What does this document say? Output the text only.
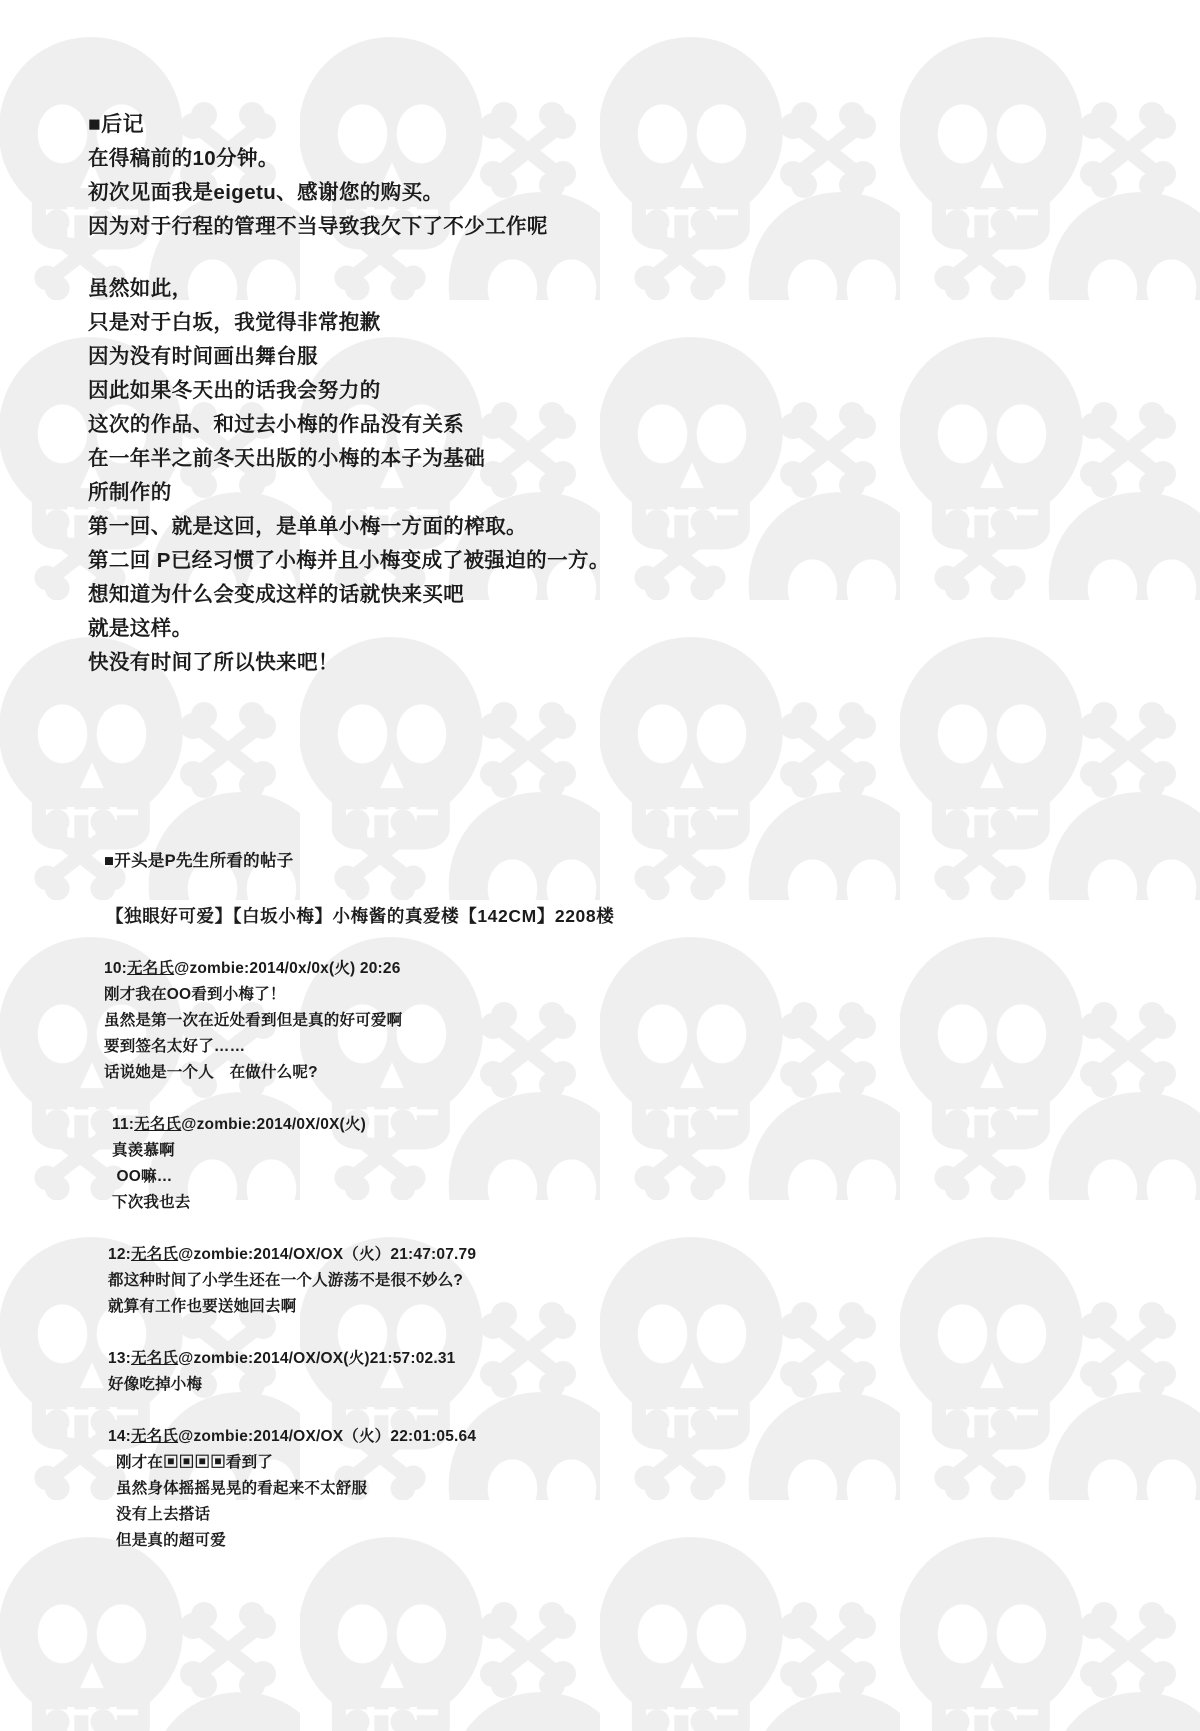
■后记
在得稿前的10分钟。
初次见面我是eigetu、感谢您的购买。
因为对于行程的管理不当导致我欠下了不少工作呢
虽然如此，
只是对于白坂，我觉得非常抱歉
因为没有时间画出舞台服
因此如果冬天出的话我会努力的
这次的作品、和过去小梅的作品没有关系
在一年半之前冬天出版的小梅的本子为基础
所制作的
第一回、就是这回，是单单小梅一方面的榨取。
第二回 P已经习惯了小梅并且小梅变成了被强迫的一方。
想知道为什么会变成这样的话就快来买吧
就是这样。
快没有时间了所以快来吧！
■开头是P先生所看的帖子
【独眼好可爱】【白坂小梅】小梅酱的真爱楼【142CM】2208楼
10:无名氏@zombie:2014/0x/0x(火) 20:26
刚才我在OO看到小梅了！
虽然是第一次在近处看到但是真的好可爱啊
要到签名太好了……
话说她是一个人　在做什么呢?
11:无名氏@zombie:2014/0X/0X(火)
真羡慕啊
OO嘛…
下次我也去
12:无名氏@zombie:2014/OX/OX（火）21:47:07.79
都这种时间了小学生还在一个人游荡不是很不妙么?
就算有工作也要送她回去啊
13:无名氏@zombie:2014/OX/OX(火)21:57:02.31
好像吃掉小梅
14:无名氏@zombie:2014/OX/OX（火）22:01:05.64
刚才在▣▣▣▣看到了
虽然身体摇摇晃晃的看起来不太舒服
没有上去搭话
但是真的超可爱
